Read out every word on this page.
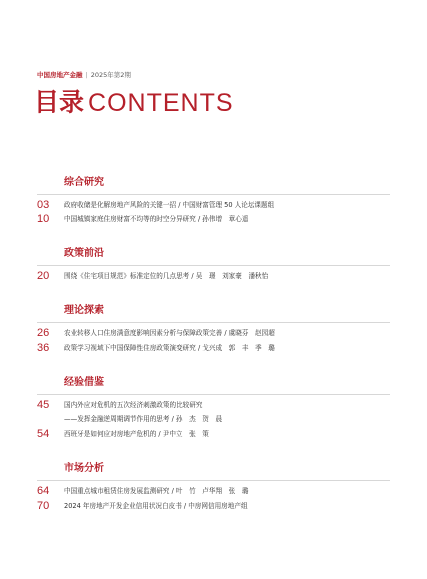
中国房地产金融 | 2025年第2期
目录 CONTENTS
综合研究
03	政府收储是化解房地产风险的关键一招 / 中国财富管理 50 人论坛课题组
10	中国城镇家庭住房财富不均等的时空分异研究 / 孙伟增　章心遥
政策前沿
20	围绕《住宅项目规范》标准定位的几点思考 / 吴　璟　刘家豪　潘秋怡
理论探索
26	农业转移人口住房满意度影响因素分析与保障政策完善 / 虞晓芬　赵园超
36	政策学习视域下中国保障性住房政策演变研究 / 戈兴成　郭　丰　季　璐
经验借鉴
45	国内外应对危机的五次经济刺激政策的比较研究
——发挥金融逆周期调节作用的思考 / 孙　杰　贺　晨
54	西班牙是如何应对房地产危机的 / 尹中立　张　策
市场分析
64	中国重点城市租赁住房发展监测研究 / 叶　竹　卢华翔　张　璐
70	2024 年房地产开发企业信用状况白皮书 / 中房网信用房地产组
